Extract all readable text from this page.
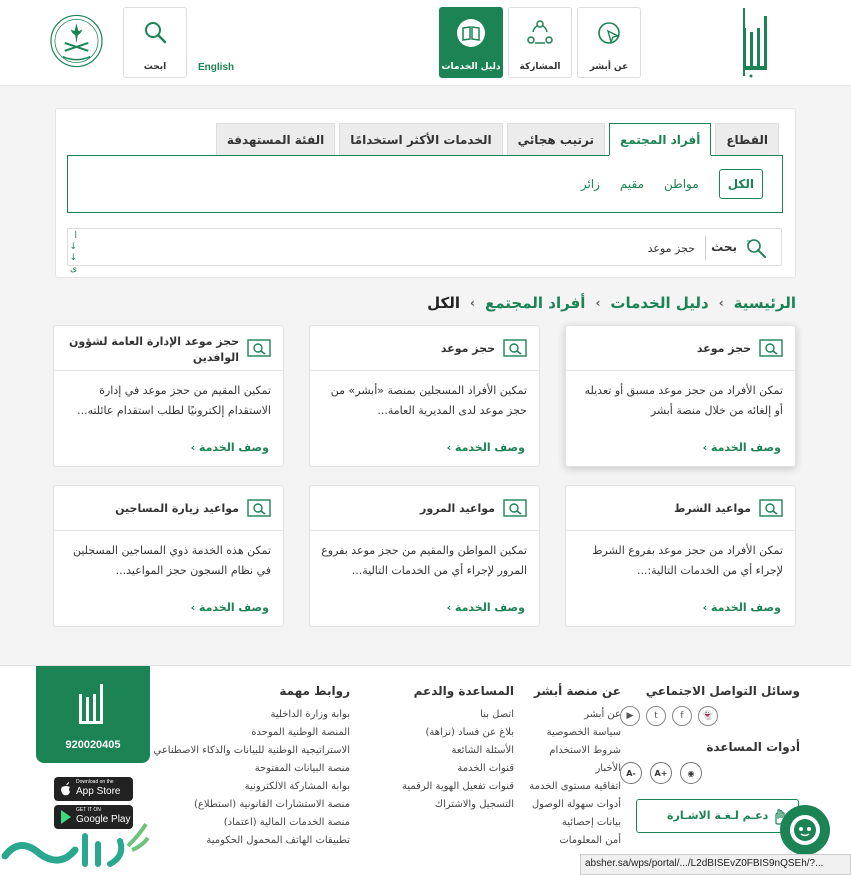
عن أبشر
المشاركة
دليل الخدمات
ابحث	English
القطاع
أفراد المجتمع
ترتيب هجائي
الخدمات الأكثر استخدامًا
الفئة المستهدفة
الكل
مواطن
مقيم
زائر
بحث
حجز موعد
ا ↓ ↓ ى
الرئيسية
›
دليل الخدمات
›
أفراد المجتمع
›
الكل
حجز موعد
تمكن الأفراد من حجز موعد مسبق أو تعديله أو إلغائه من خلال منصة أبشر
وصف الخدمة ›
حجز موعد
تمكين الأفراد المسجلين بمنصة «أبشر» من حجز موعد لدى المديرية العامة...
وصف الخدمة ›
حجز موعد الإدارة العامة لشؤون الوافدين
تمكين المقيم من حجز موعد في إدارة الاستقدام إلكترونيًا لطلب استقدام عائلته...
وصف الخدمة ›
مواعيد الشرط
تمكن الأفراد من حجز موعد بفروع الشرط لإجراء أي من الخدمات التالية:...
وصف الخدمة ›
مواعيد المرور
تمكين المواطن والمقيم من حجز موعد بفروع المرور لإجراء أي من الخدمات التالية...
وصف الخدمة ›
مواعيد زيارة المساجين
تمكن هذه الخدمة ذوي المساجين المسجلين في نظام السجون حجز المواعيد...
وصف الخدمة ›
وسائل التواصل الاجتماعي
👻
f
t
▶
أدوات المساعدة
◉
+A
-A
عن منصة أبشر
عن أبشر
سياسة الخصوصية
شروط الاستخدام
الأخبار
اتفاقية مستوى الخدمة
أدوات سهولة الوصول
بيانات إحصائية
أمن المعلومات
المساعدة والدعم
اتصل بنا
بلاغ عن فساد (نزاهة)
الأسئلة الشائعة
قنوات الخدمة
قنوات تفعيل الهوية الرقمية
التسجيل والاشتراك
روابط مهمة
بوابة وزارة الداخلية
المنصة الوطنية الموحدة
الاستراتيجية الوطنية للبيانات والذكاء الاصطناعي
منصة البيانات المفتوحة
بوابة المشاركة الالكترونية
منصة الاستشارات القانونية (استطلاع)
منصة الخدمات المالية (اعتماد)
تطبيقات الهاتف المحمول الحكومية
دعـم لـغـة الاشـارة
920020405
Download on the
App Store
GET IT ON
Google Play
absher.sa/wps/portal/.../L2dBISEvZ0FBIS9nQSEh/?...
